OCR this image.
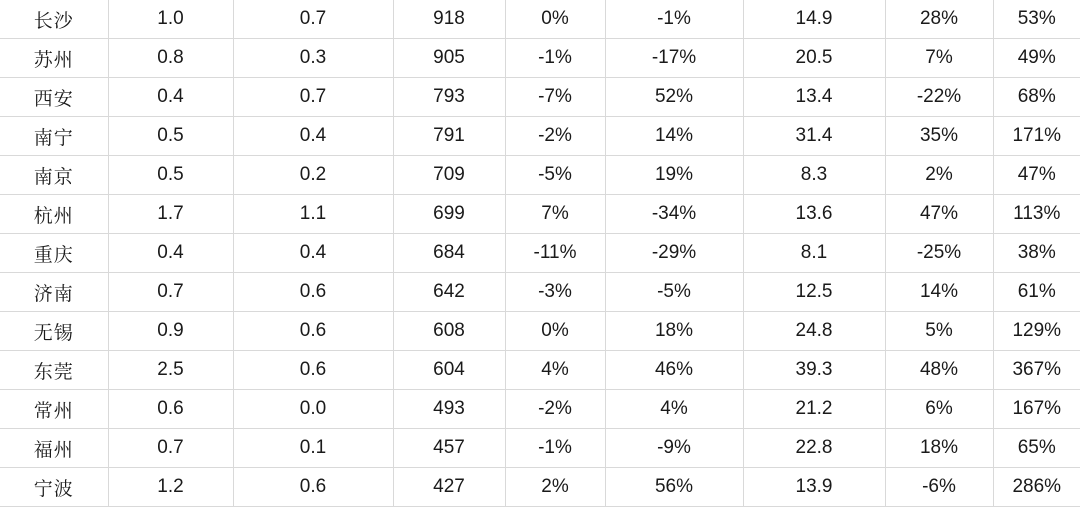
长沙	1.0	0.7	918	0%	-1%	14.9	28%	53%
苏州	0.8	0.3	905	-1%	-17%	20.5	7%	49%
西安	0.4	0.7	793	-7%	52%	13.4	-22%	68%
南宁	0.5	0.4	791	-2%	14%	31.4	35%	171%
南京	0.5	0.2	709	-5%	19%	8.3	2%	47%
杭州	1.7	1.1	699	7%	-34%	13.6	47%	113%
重庆	0.4	0.4	684	-11%	-29%	8.1	-25%	38%
济南	0.7	0.6	642	-3%	-5%	12.5	14%	61%
无锡	0.9	0.6	608	0%	18%	24.8	5%	129%
东莞	2.5	0.6	604	4%	46%	39.3	48%	367%
常州	0.6	0.0	493	-2%	4%	21.2	6%	167%
福州	0.7	0.1	457	-1%	-9%	22.8	18%	65%
宁波	1.2	0.6	427	2%	56%	13.9	-6%	286%
